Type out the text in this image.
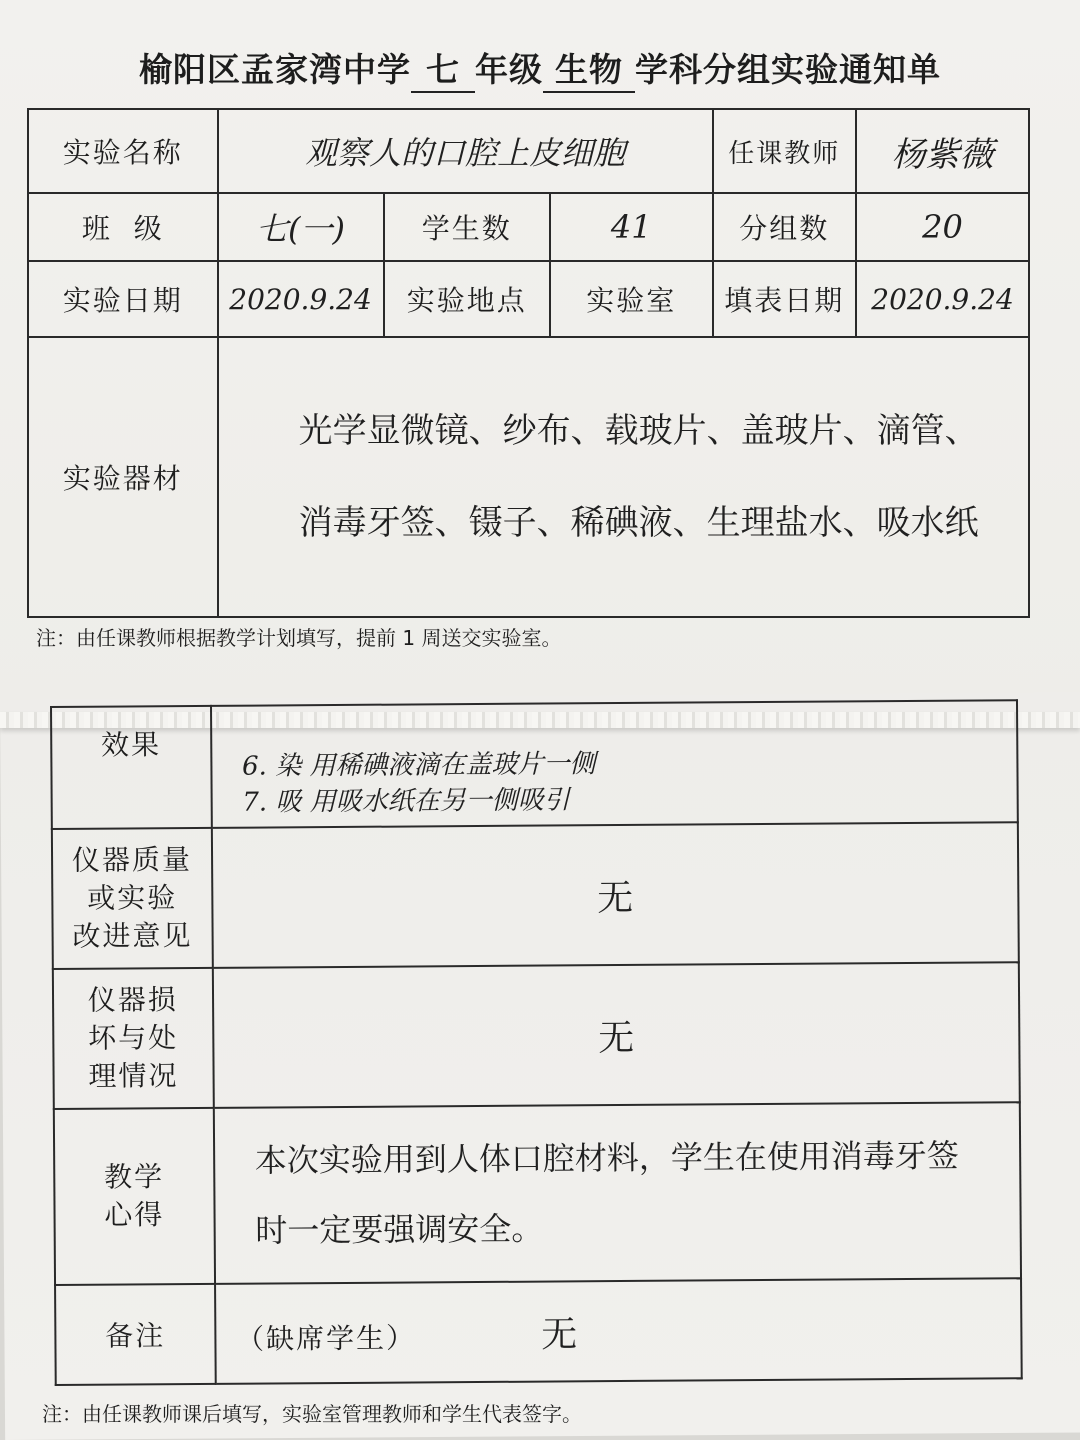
榆阳区孟家湾中学 七 年级 生物 学科分组实验通知单
实验名称	观察人的口腔上皮细胞			任课教师	杨紫薇
班  级	七(一)	学生数	41	分组数	20
实验日期	2020.9.24	实验地点	实验室	填表日期	2020.9.24
实验器材	光学显微镜、纱布、载玻片、盖玻片、滴管、
消毒牙签、镊子、稀碘液、生理盐水、吸水纸				
注：由任课教师根据教学计划填写，提前 1 周送交实验室。
效果	6. 染 用稀碘液滴在盖玻片一侧
7. 吸 用吸水纸在另一侧吸引

仪器质量
或实验
改进意见	无

仪器损
坏与处
理情况	无

教学
心得	本次实验用到人体口腔材料，学生在使用消毒牙签时一定要强调安全。
备注	（缺席学生） 无
注：由任课教师课后填写，实验室管理教师和学生代表签字。
